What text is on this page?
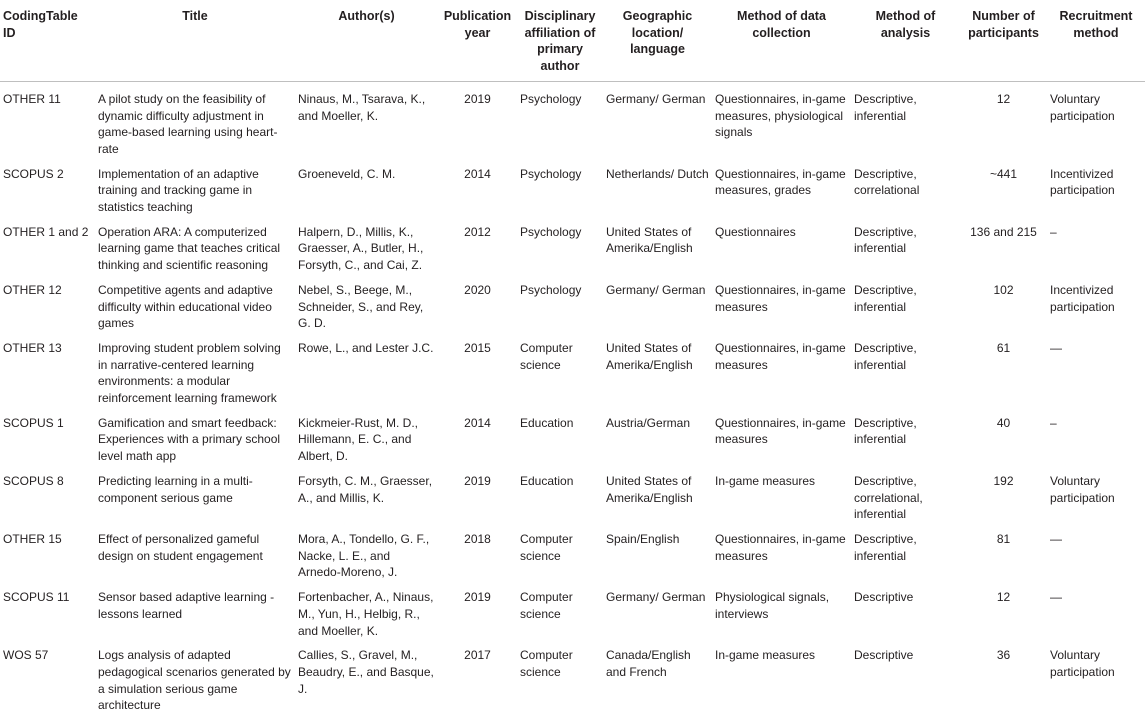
CodingTable ID	Title	Author(s)	Publication year	Disciplinary affiliation of primary author	Geographic location/ language	Method of data collection	Method of analysis	Number of participants	Recruitment method
OTHER 11	A pilot study on the feasibility of dynamic difficulty adjustment in game-based learning using heart-rate	Ninaus, M., Tsarava, K., and Moeller, K.	2019	Psychology	Germany/ German	Questionnaires, in-game measures, physiological signals	Descriptive, inferential	12	Voluntary participation
SCOPUS 2	Implementation of an adaptive training and tracking game in statistics teaching	Groeneveld, C. M.	2014	Psychology	Netherlands/ Dutch	Questionnaires, in-game measures, grades	Descriptive, correlational	~441	Incentivized participation
OTHER 1 and 2	Operation ARA: A computerized learning game that teaches critical thinking and scientific reasoning	Halpern, D., Millis, K., Graesser, A., Butler, H., Forsyth, C., and Cai, Z.	2012	Psychology	United States of Amerika/English	Questionnaires	Descriptive, inferential	136 and 215	–
OTHER 12	Competitive agents and adaptive difficulty within educational video games	Nebel, S., Beege, M., Schneider, S., and Rey, G. D.	2020	Psychology	Germany/ German	Questionnaires, in-game measures	Descriptive, inferential	102	Incentivized participation
OTHER 13	Improving student problem solving in narrative-centered learning environments: a modular reinforcement learning framework	Rowe, L., and Lester J.C.	2015	Computer science	United States of Amerika/English	Questionnaires, in-game measures	Descriptive, inferential	61	—
SCOPUS 1	Gamification and smart feedback: Experiences with a primary school level math app	Kickmeier-Rust, M. D., Hillemann, E. C., and Albert, D.	2014	Education	Austria/German	Questionnaires, in-game measures	Descriptive, inferential	40	–
SCOPUS 8	Predicting learning in a multi-component serious game	Forsyth, C. M., Graesser, A., and Millis, K.	2019	Education	United States of Amerika/English	In-game measures	Descriptive, correlational, inferential	192	Voluntary participation
OTHER 15	Effect of personalized gameful design on student engagement	Mora, A., Tondello, G. F., Nacke, L. E., and Arnedo-Moreno, J.	2018	Computer science	Spain/English	Questionnaires, in-game measures	Descriptive, inferential	81	—
SCOPUS 11	Sensor based adaptive learning - lessons learned	Fortenbacher, A., Ninaus, M., Yun, H., Helbig, R., and Moeller, K.	2019	Computer science	Germany/ German	Physiological signals, interviews	Descriptive	12	—
WOS 57	Logs analysis of adapted pedagogical scenarios generated by a simulation serious game architecture	Callies, S., Gravel, M., Beaudry, E., and Basque, J.	2017	Computer science	Canada/English and French	In-game measures	Descriptive	36	Voluntary participation
